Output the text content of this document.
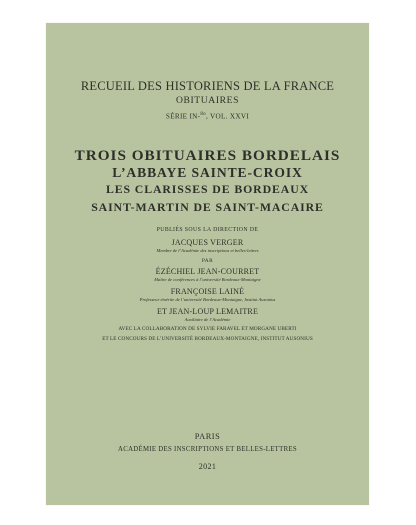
RECUEIL DES HISTORIENS DE LA FRANCE
OBITUAIRES
SÉRIE IN-$^{8o}$, VOL. XXVI
TROIS OBITUAIRES BORDELAIS
L’ABBAYE SAINTE-CROIX
LES CLARISSES DE BORDEAUX
SAINT-MARTIN DE SAINT-MACAIRE
PUBLIÉS SOUS LA DIRECTION DE
JACQUES VERGER
Membre de l’Académie des inscriptions et belles-lettres
PAR
ÉZÉCHIEL JEAN-COURRET
Maître de conférences à l’université Bordeaux-Montaigne
FRANÇOISE LAINÉ
Professeur émérite de l’université Bordeaux-Montaigne, Institut Ausonius
ET JEAN-LOUP LEMAITRE
Auxiliaire de l’Académie
AVEC LA COLLABORATION DE SYLVIE FARAVEL ET MORGANE UBERTI
ET LE CONCOURS DE L’UNIVERSITÉ BORDEAUX-MONTAIGNE, INSTITUT AUSONIUS
PARIS
ACADÉMIE DES INSCRIPTIONS ET BELLES-LETTRES
2021
